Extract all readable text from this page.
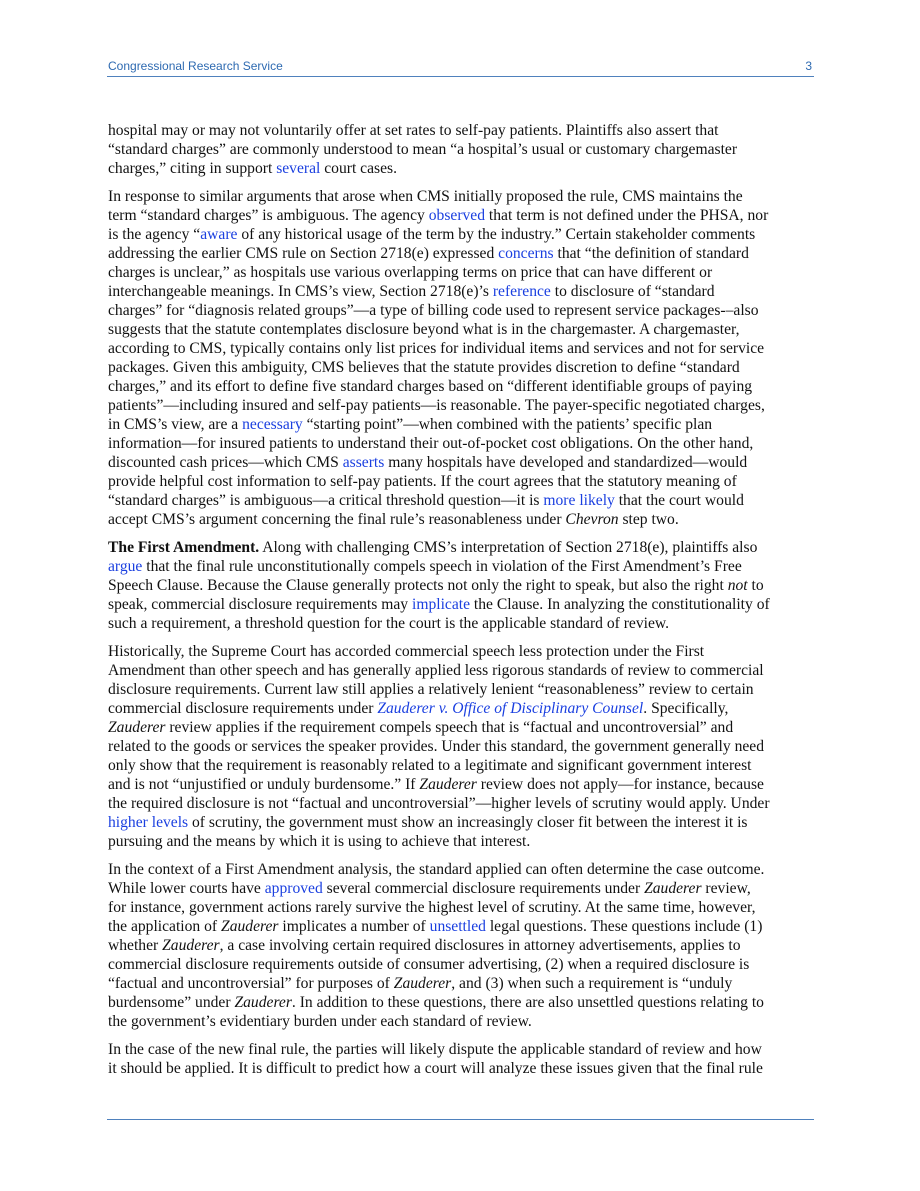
Congressional Research Service	3

hospital may or may not voluntarily offer at set rates to self-pay patients. Plaintiffs also assert that
“standard charges” are commonly understood to mean “a hospital’s usual or customary chargemaster
charges,” citing in support several court cases.

In response to similar arguments that arose when CMS initially proposed the rule, CMS maintains the
term “standard charges” is ambiguous. The agency observed that term is not defined under the PHSA, nor
is the agency “aware of any historical usage of the term by the industry.” Certain stakeholder comments
addressing the earlier CMS rule on Section 2718(e) expressed concerns that “the definition of standard
charges is unclear,” as hospitals use various overlapping terms on price that can have different or
interchangeable meanings. In CMS’s view, Section 2718(e)’s reference to disclosure of “standard
charges” for “diagnosis related groups”—a type of billing code used to represent service packages-–also
suggests that the statute contemplates disclosure beyond what is in the chargemaster. A chargemaster,
according to CMS, typically contains only list prices for individual items and services and not for service
packages. Given this ambiguity, CMS believes that the statute provides discretion to define “standard
charges,” and its effort to define five standard charges based on “different identifiable groups of paying
patients”—including insured and self-pay patients—is reasonable. The payer-specific negotiated charges,
in CMS’s view, are a necessary “starting point”—when combined with the patients’ specific plan
information—for insured patients to understand their out-of-pocket cost obligations. On the other hand,
discounted cash prices—which CMS asserts many hospitals have developed and standardized—would
provide helpful cost information to self-pay patients. If the court agrees that the statutory meaning of
“standard charges” is ambiguous—a critical threshold question—it is more likely that the court would
accept CMS’s argument concerning the final rule’s reasonableness under Chevron step two.

The First Amendment. Along with challenging CMS’s interpretation of Section 2718(e), plaintiffs also
argue that the final rule unconstitutionally compels speech in violation of the First Amendment’s Free
Speech Clause. Because the Clause generally protects not only the right to speak, but also the right not to
speak, commercial disclosure requirements may implicate the Clause. In analyzing the constitutionality of
such a requirement, a threshold question for the court is the applicable standard of review.

Historically, the Supreme Court has accorded commercial speech less protection under the First
Amendment than other speech and has generally applied less rigorous standards of review to commercial
disclosure requirements. Current law still applies a relatively lenient “reasonableness” review to certain
commercial disclosure requirements under Zauderer v. Office of Disciplinary Counsel. Specifically,
Zauderer review applies if the requirement compels speech that is “factual and uncontroversial” and
related to the goods or services the speaker provides. Under this standard, the government generally need
only show that the requirement is reasonably related to a legitimate and significant government interest
and is not “unjustified or unduly burdensome.” If Zauderer review does not apply—for instance, because
the required disclosure is not “factual and uncontroversial”—higher levels of scrutiny would apply. Under
higher levels of scrutiny, the government must show an increasingly closer fit between the interest it is
pursuing and the means by which it is using to achieve that interest.

In the context of a First Amendment analysis, the standard applied can often determine the case outcome.
While lower courts have approved several commercial disclosure requirements under Zauderer review,
for instance, government actions rarely survive the highest level of scrutiny. At the same time, however,
the application of Zauderer implicates a number of unsettled legal questions. These questions include (1)
whether Zauderer, a case involving certain required disclosures in attorney advertisements, applies to
commercial disclosure requirements outside of consumer advertising, (2) when a required disclosure is
“factual and uncontroversial” for purposes of Zauderer, and (3) when such a requirement is “unduly
burdensome” under Zauderer. In addition to these questions, there are also unsettled questions relating to
the government’s evidentiary burden under each standard of review.

In the case of the new final rule, the parties will likely dispute the applicable standard of review and how
it should be applied. It is difficult to predict how a court will analyze these issues given that the final rule
